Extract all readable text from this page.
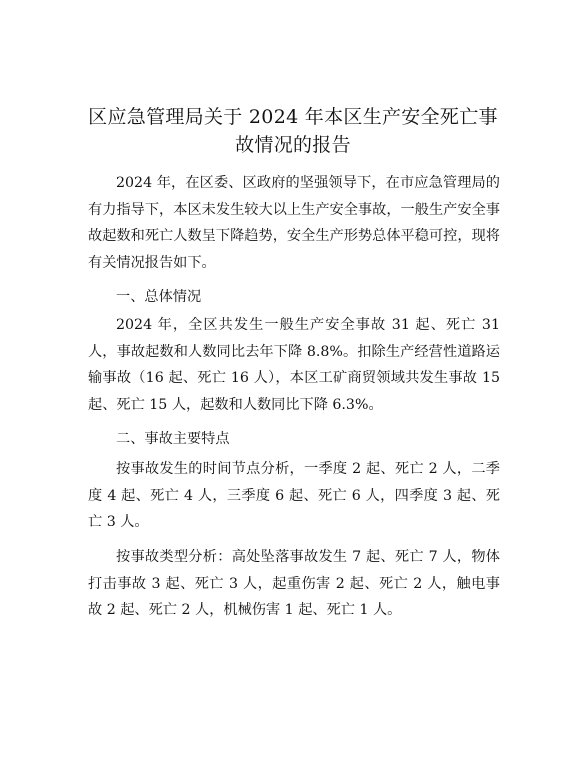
区应急管理局关于 2024 年本区生产安全死亡事
故情况的报告

2024 年，在区委、区政府的坚强领导下，在市应急管理局的有力指导下，本区未发生较大以上生产安全事故，一般生产安全事故起数和死亡人数呈下降趋势，安全生产形势总体平稳可控，现将有关情况报告如下。

一、总体情况

2024 年，全区共发生一般生产安全事故 31 起、死亡 31 人，事故起数和人数同比去年下降 8.8%。扣除生产经营性道路运输事故（16 起、死亡 16 人），本区工矿商贸领域共发生事故 15 起、死亡 15 人，起数和人数同比下降 6.3%。

二、事故主要特点

按事故发生的时间节点分析，一季度 2 起、死亡 2 人，二季度 4 起、死亡 4 人，三季度 6 起、死亡 6 人，四季度 3 起、死亡 3 人。

按事故类型分析：高处坠落事故发生 7 起、死亡 7 人，物体打击事故 3 起、死亡 3 人，起重伤害 2 起、死亡 2 人，触电事故 2 起、死亡 2 人，机械伤害 1 起、死亡 1 人。
